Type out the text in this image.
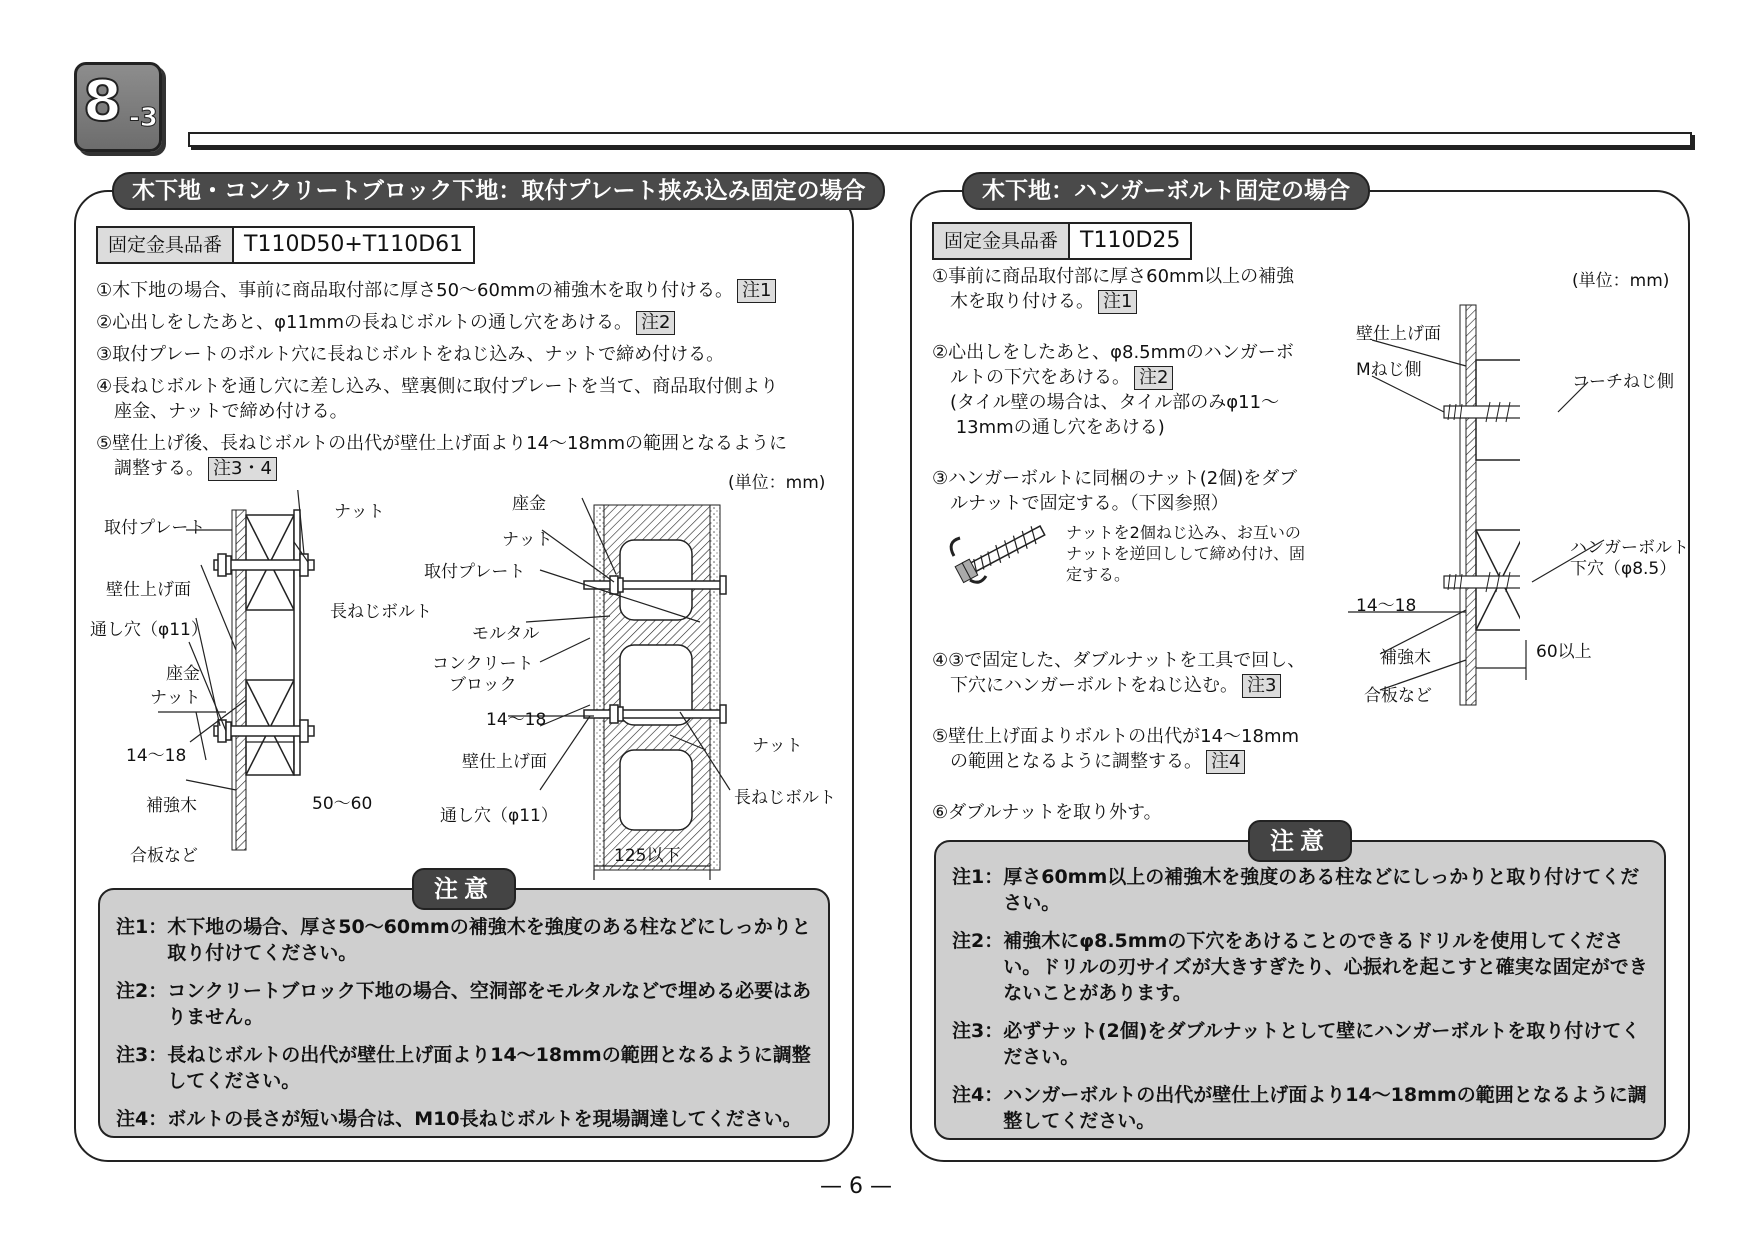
8 -3
木下地・コンクリートブロック下地：取付プレート挟み込み固定の場合
固定金具品番	T110D50+T110D61
①木下地の場合、事前に商品取付部に厚さ50〜60mmの補強木を取り付ける。 注1
②心出しをしたあと、φ11mmの長ねじボルトの通し穴をあける。 注2
③取付プレートのボルト穴に長ねじボルトをねじ込み、ナットで締め付ける。
④長ねじボルトを通し穴に差し込み、壁裏側に取付プレートを当て、商品取付側より
　座金、ナットで締め付ける。
⑤壁仕上げ後、長ねじボルトの出代が壁仕上げ面より14〜18mmの範囲となるように
　調整する。 注3・4
(単位：mm)
取付プレート
ナット
壁仕上げ面
長ねじボルト
通し穴（φ11）
座金
ナット
14〜18
補強木	50〜60
合板など
座金
ナット
取付プレート
モルタル
コンクリート
ブロック
14〜18
壁仕上げ面
通し穴（φ11）
ナット
長ねじボルト
125以下
注意
注1： 木下地の場合、厚さ50〜60mmの補強木を強度のある柱などにしっかりと取り付けてください。
注2： コンクリートブロック下地の場合、空洞部をモルタルなどで埋める必要はありません。
注3： 長ねじボルトの出代が壁仕上げ面より14〜18mmの範囲となるように調整してください。
注4： ボルトの長さが短い場合は、M10長ねじボルトを現場調達してください。
木下地：ハンガーボルト固定の場合
固定金具品番	T110D25
(単位：mm)
①事前に商品取付部に厚さ60mm以上の補強
　木を取り付ける。 注1
②心出しをしたあと、φ8.5mmのハンガーボ
　ルトの下穴をあける。 注2
　(タイル壁の場合は、タイル部のみφ11〜
　 13mmの通し穴をあける)
③ハンガーボルトに同梱のナット(2個)をダブ
　ルナットで固定する。（下図参照）
④③で固定した、ダブルナットを工具で回し、
　下穴にハンガーボルトをねじ込む。 注3
⑤壁仕上げ面よりボルトの出代が14〜18mm
　の範囲となるように調整する。 注4
⑥ダブルナットを取り外す。
ナットを2個ねじ込み、お互いの
ナットを逆回しして締め付け、固
定する。
壁仕上げ面
Mねじ側
コーチねじ側
ハンガーボルト
下穴（φ8.5）
14〜18
補強木	60以上
合板など
注意
注1： 厚さ60mm以上の補強木を強度のある柱などにしっかりと取り付けてください。
注2： 補強木にφ8.5mmの下穴をあけることのできるドリルを使用してください。ドリルの刃サイズが大きすぎたり、心振れを起こすと確実な固定ができないことがあります。
注3： 必ずナット(2個)をダブルナットとして壁にハンガーボルトを取り付けてください。
注4： ハンガーボルトの出代が壁仕上げ面より14〜18mmの範囲となるように調整してください。
— 6 —
